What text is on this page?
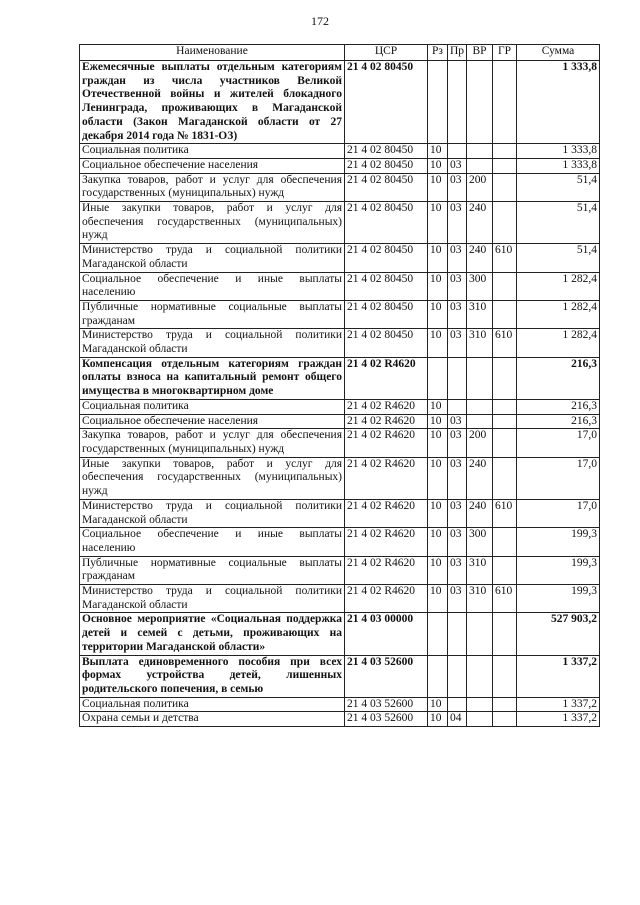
172
Наименование	ЦСР	Рз	Пр	ВР	ГР	Сумма
Ежемесячные выплаты отдельным категориям граждан из числа участников Великой Отечественной войны и жителей блокадного Ленинграда, проживающих в Магаданской области (Закон Магаданской области от 27 декабря 2014 года № 1831-ОЗ)	21 4 02 80450					1 333,8
Социальная политика	21 4 02 80450	10				1 333,8
Социальное обеспечение населения	21 4 02 80450	10	03			1 333,8
Закупка товаров, работ и услуг для обеспечения государственных (муниципальных) нужд	21 4 02 80450	10	03	200		51,4
Иные закупки товаров, работ и услуг для обеспечения государственных (муниципальных) нужд	21 4 02 80450	10	03	240		51,4
Министерство труда и социальной политики Магаданской области	21 4 02 80450	10	03	240	610	51,4
Социальное обеспечение и иные выплаты населению	21 4 02 80450	10	03	300		1 282,4
Публичные нормативные социальные выплаты гражданам	21 4 02 80450	10	03	310		1 282,4
Министерство труда и социальной политики Магаданской области	21 4 02 80450	10	03	310	610	1 282,4
Компенсация отдельным категориям граждан оплаты взноса на капитальный ремонт общего имущества в многоквартирном доме	21 4 02 R4620					216,3
Социальная политика	21 4 02 R4620	10				216,3
Социальное обеспечение населения	21 4 02 R4620	10	03			216,3
Закупка товаров, работ и услуг для обеспечения государственных (муниципальных) нужд	21 4 02 R4620	10	03	200		17,0
Иные закупки товаров, работ и услуг для обеспечения государственных (муниципальных) нужд	21 4 02 R4620	10	03	240		17,0
Министерство труда и социальной политики Магаданской области	21 4 02 R4620	10	03	240	610	17,0
Социальное обеспечение и иные выплаты населению	21 4 02 R4620	10	03	300		199,3
Публичные нормативные социальные выплаты гражданам	21 4 02 R4620	10	03	310		199,3
Министерство труда и социальной политики Магаданской области	21 4 02 R4620	10	03	310	610	199,3
Основное мероприятие «Социальная поддержка детей и семей с детьми, проживающих на территории Магаданской области»	21 4 03 00000					527 903,2
Выплата единовременного пособия при всех формах устройства детей, лишенных родительского попечения, в семью	21 4 03 52600					1 337,2
Социальная политика	21 4 03 52600	10				1 337,2
Охрана семьи и детства	21 4 03 52600	10	04			1 337,2
